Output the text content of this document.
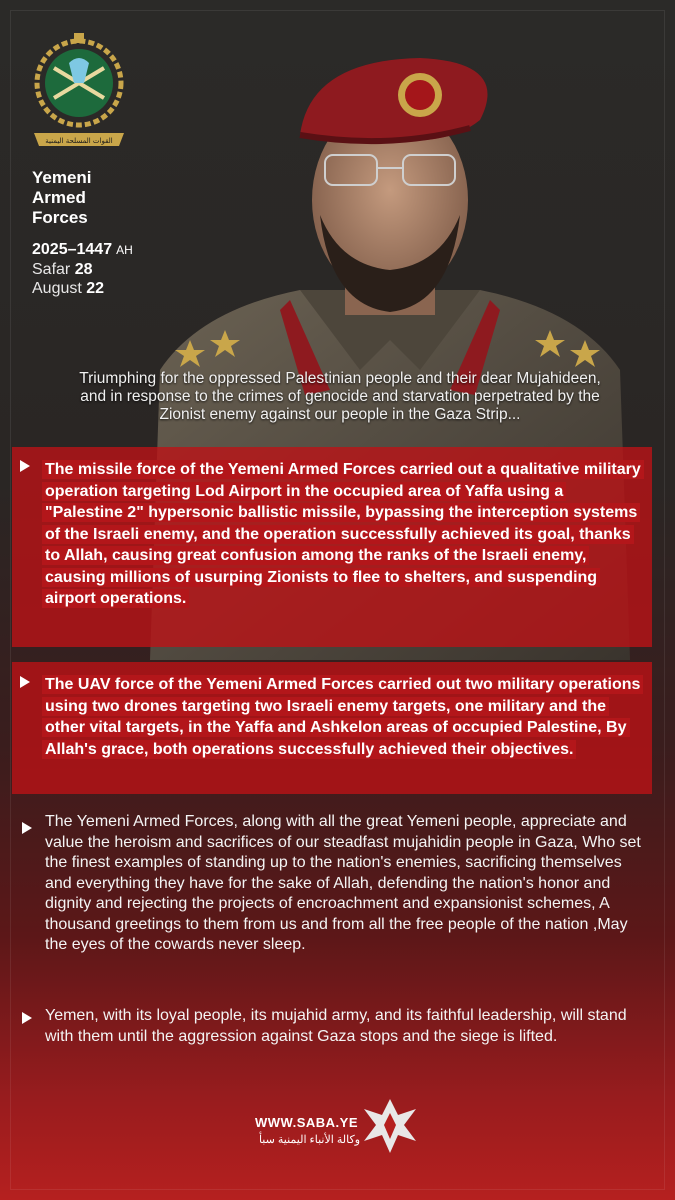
القوات المسلحة اليمنية
Yemeni Armed Forces
2025–1447 AH
Safar 28
August 22
Triumphing for the oppressed Palestinian people and their dear Mujahideen, and in response to the crimes of genocide and starvation perpetrated by the Zionist enemy against our people in the Gaza Strip...
The missile force of the Yemeni Armed Forces carried out a qualitative military operation targeting Lod Airport in the occupied area of Yaffa using a "Palestine 2" hypersonic ballistic missile, bypassing the interception systems of the Israeli enemy, and the operation successfully achieved its goal, thanks to Allah, causing great confusion among the ranks of the Israeli enemy, causing millions of usurping Zionists to flee to shelters, and suspending airport operations.
The UAV force of the Yemeni Armed Forces carried out two military operations using two drones targeting two Israeli enemy targets, one military and the other vital targets, in the Yaffa and Ashkelon areas of occupied Palestine, By Allah's grace, both operations successfully achieved their objectives.
The Yemeni Armed Forces, along with all the great Yemeni people, appreciate and value the heroism and sacrifices of our steadfast mujahidin people in Gaza, Who set the finest examples of standing up to the nation's enemies, sacrificing themselves and everything they have for the sake of Allah, defending the nation's honor and dignity and rejecting the projects of encroachment and expansionist schemes, A thousand greetings to them from us and from all the free people of the nation ,May the eyes of the cowards never sleep.
Yemen, with its loyal people, its mujahid army, and its faithful leadership, will stand with them until the aggression against Gaza stops and the siege is lifted.
WWW.SABA.YE
وكالة الأنباء اليمنية سبأ
